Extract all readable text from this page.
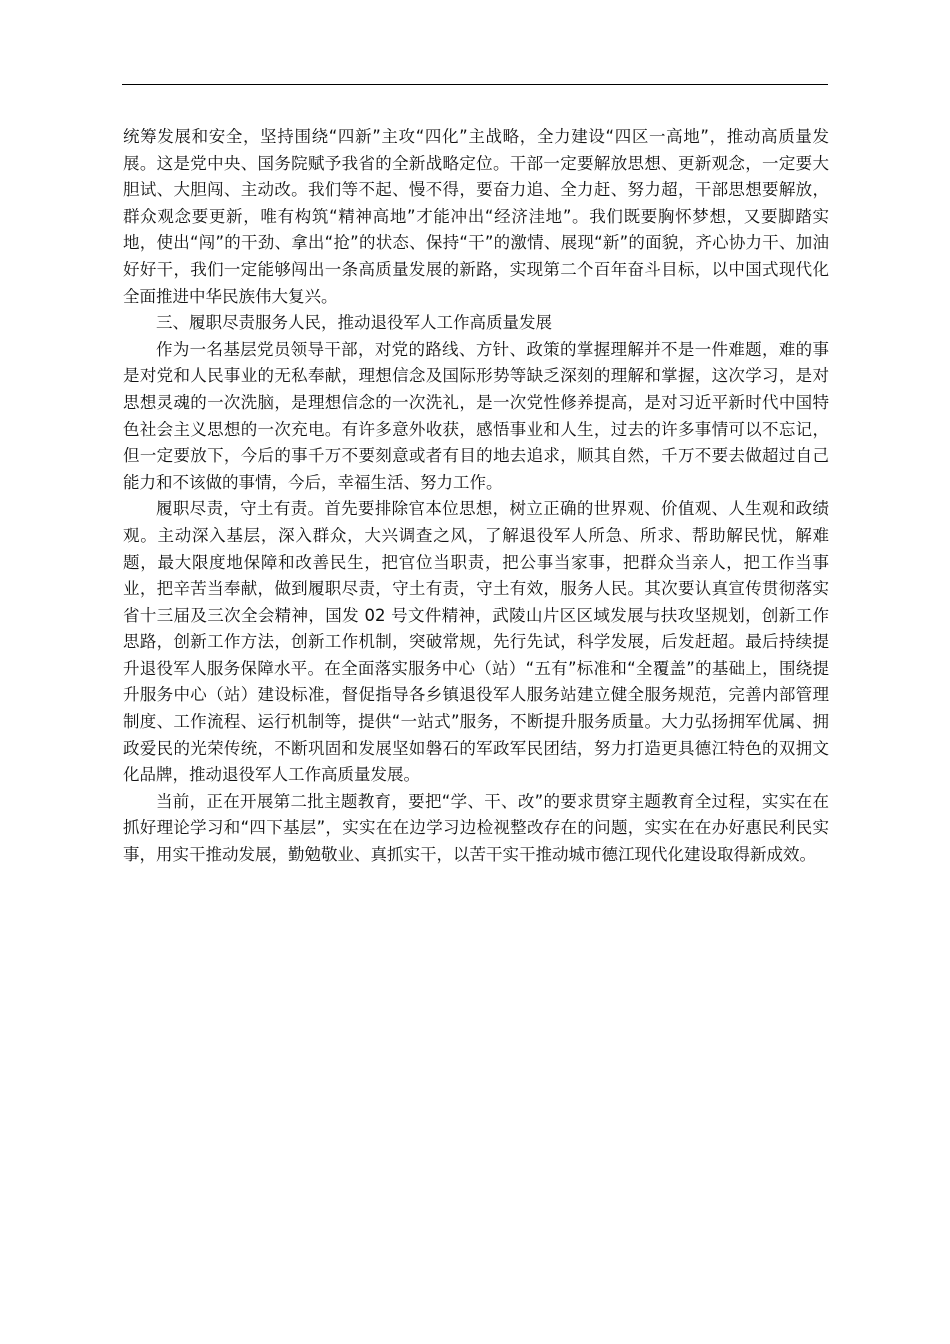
统筹发展和安全，坚持围绕“四新”主攻“四化”主战略，全力建设“四区一高地”，推动高质量发展。这是党中央、国务院赋予我省的全新战略定位。干部一定要解放思想、更新观念，一定要大胆试、大胆闯、主动改。我们等不起、慢不得，要奋力追、全力赶、努力超，干部思想要解放，群众观念要更新，唯有构筑“精神高地”才能冲出“经济洼地”。我们既要胸怀梦想，又要脚踏实地，使出“闯”的干劲、拿出“抢”的状态、保持“干”的激情、展现“新”的面貌，齐心协力干、加油好好干，我们一定能够闯出一条高质量发展的新路，实现第二个百年奋斗目标，以中国式现代化全面推进中华民族伟大复兴。

三、履职尽责服务人民，推动退役军人工作高质量发展

作为一名基层党员领导干部，对党的路线、方针、政策的掌握理解并不是一件难题，难的事是对党和人民事业的无私奉献，理想信念及国际形势等缺乏深刻的理解和掌握，这次学习，是对思想灵魂的一次洗脑，是理想信念的一次洗礼，是一次党性修养提高，是对习近平新时代中国特色社会主义思想的一次充电。有许多意外收获，感悟事业和人生，过去的许多事情可以不忘记，但一定要放下，今后的事千万不要刻意或者有目的地去追求，顺其自然，千万不要去做超过自己能力和不该做的事情，今后，幸福生活、努力工作。

履职尽责，守土有责。首先要排除官本位思想，树立正确的世界观、价值观、人生观和政绩观。主动深入基层，深入群众，大兴调查之风，了解退役军人所急、所求、帮助解民忧，解难题，最大限度地保障和改善民生，把官位当职责，把公事当家事，把群众当亲人，把工作当事业，把辛苦当奉献，做到履职尽责，守土有责，守土有效，服务人民。其次要认真宣传贯彻落实省十三届及三次全会精神，国发 02 号文件精神，武陵山片区区域发展与扶攻坚规划，创新工作思路，创新工作方法，创新工作机制，突破常规，先行先试，科学发展，后发赶超。最后持续提升退役军人服务保障水平。在全面落实服务中心（站）“五有”标准和“全覆盖”的基础上，围绕提升服务中心（站）建设标准，督促指导各乡镇退役军人服务站建立健全服务规范，完善内部管理制度、工作流程、运行机制等，提供“一站式”服务，不断提升服务质量。大力弘扬拥军优属、拥政爱民的光荣传统，不断巩固和发展坚如磐石的军政军民团结，努力打造更具德江特色的双拥文化品牌，推动退役军人工作高质量发展。

当前，正在开展第二批主题教育，要把“学、干、改”的要求贯穿主题教育全过程，实实在在抓好理论学习和“四下基层”，实实在在边学习边检视整改存在的问题，实实在在办好惠民利民实事，用实干推动发展，勤勉敬业、真抓实干，以苦干实干推动城市德江现代化建设取得新成效。
